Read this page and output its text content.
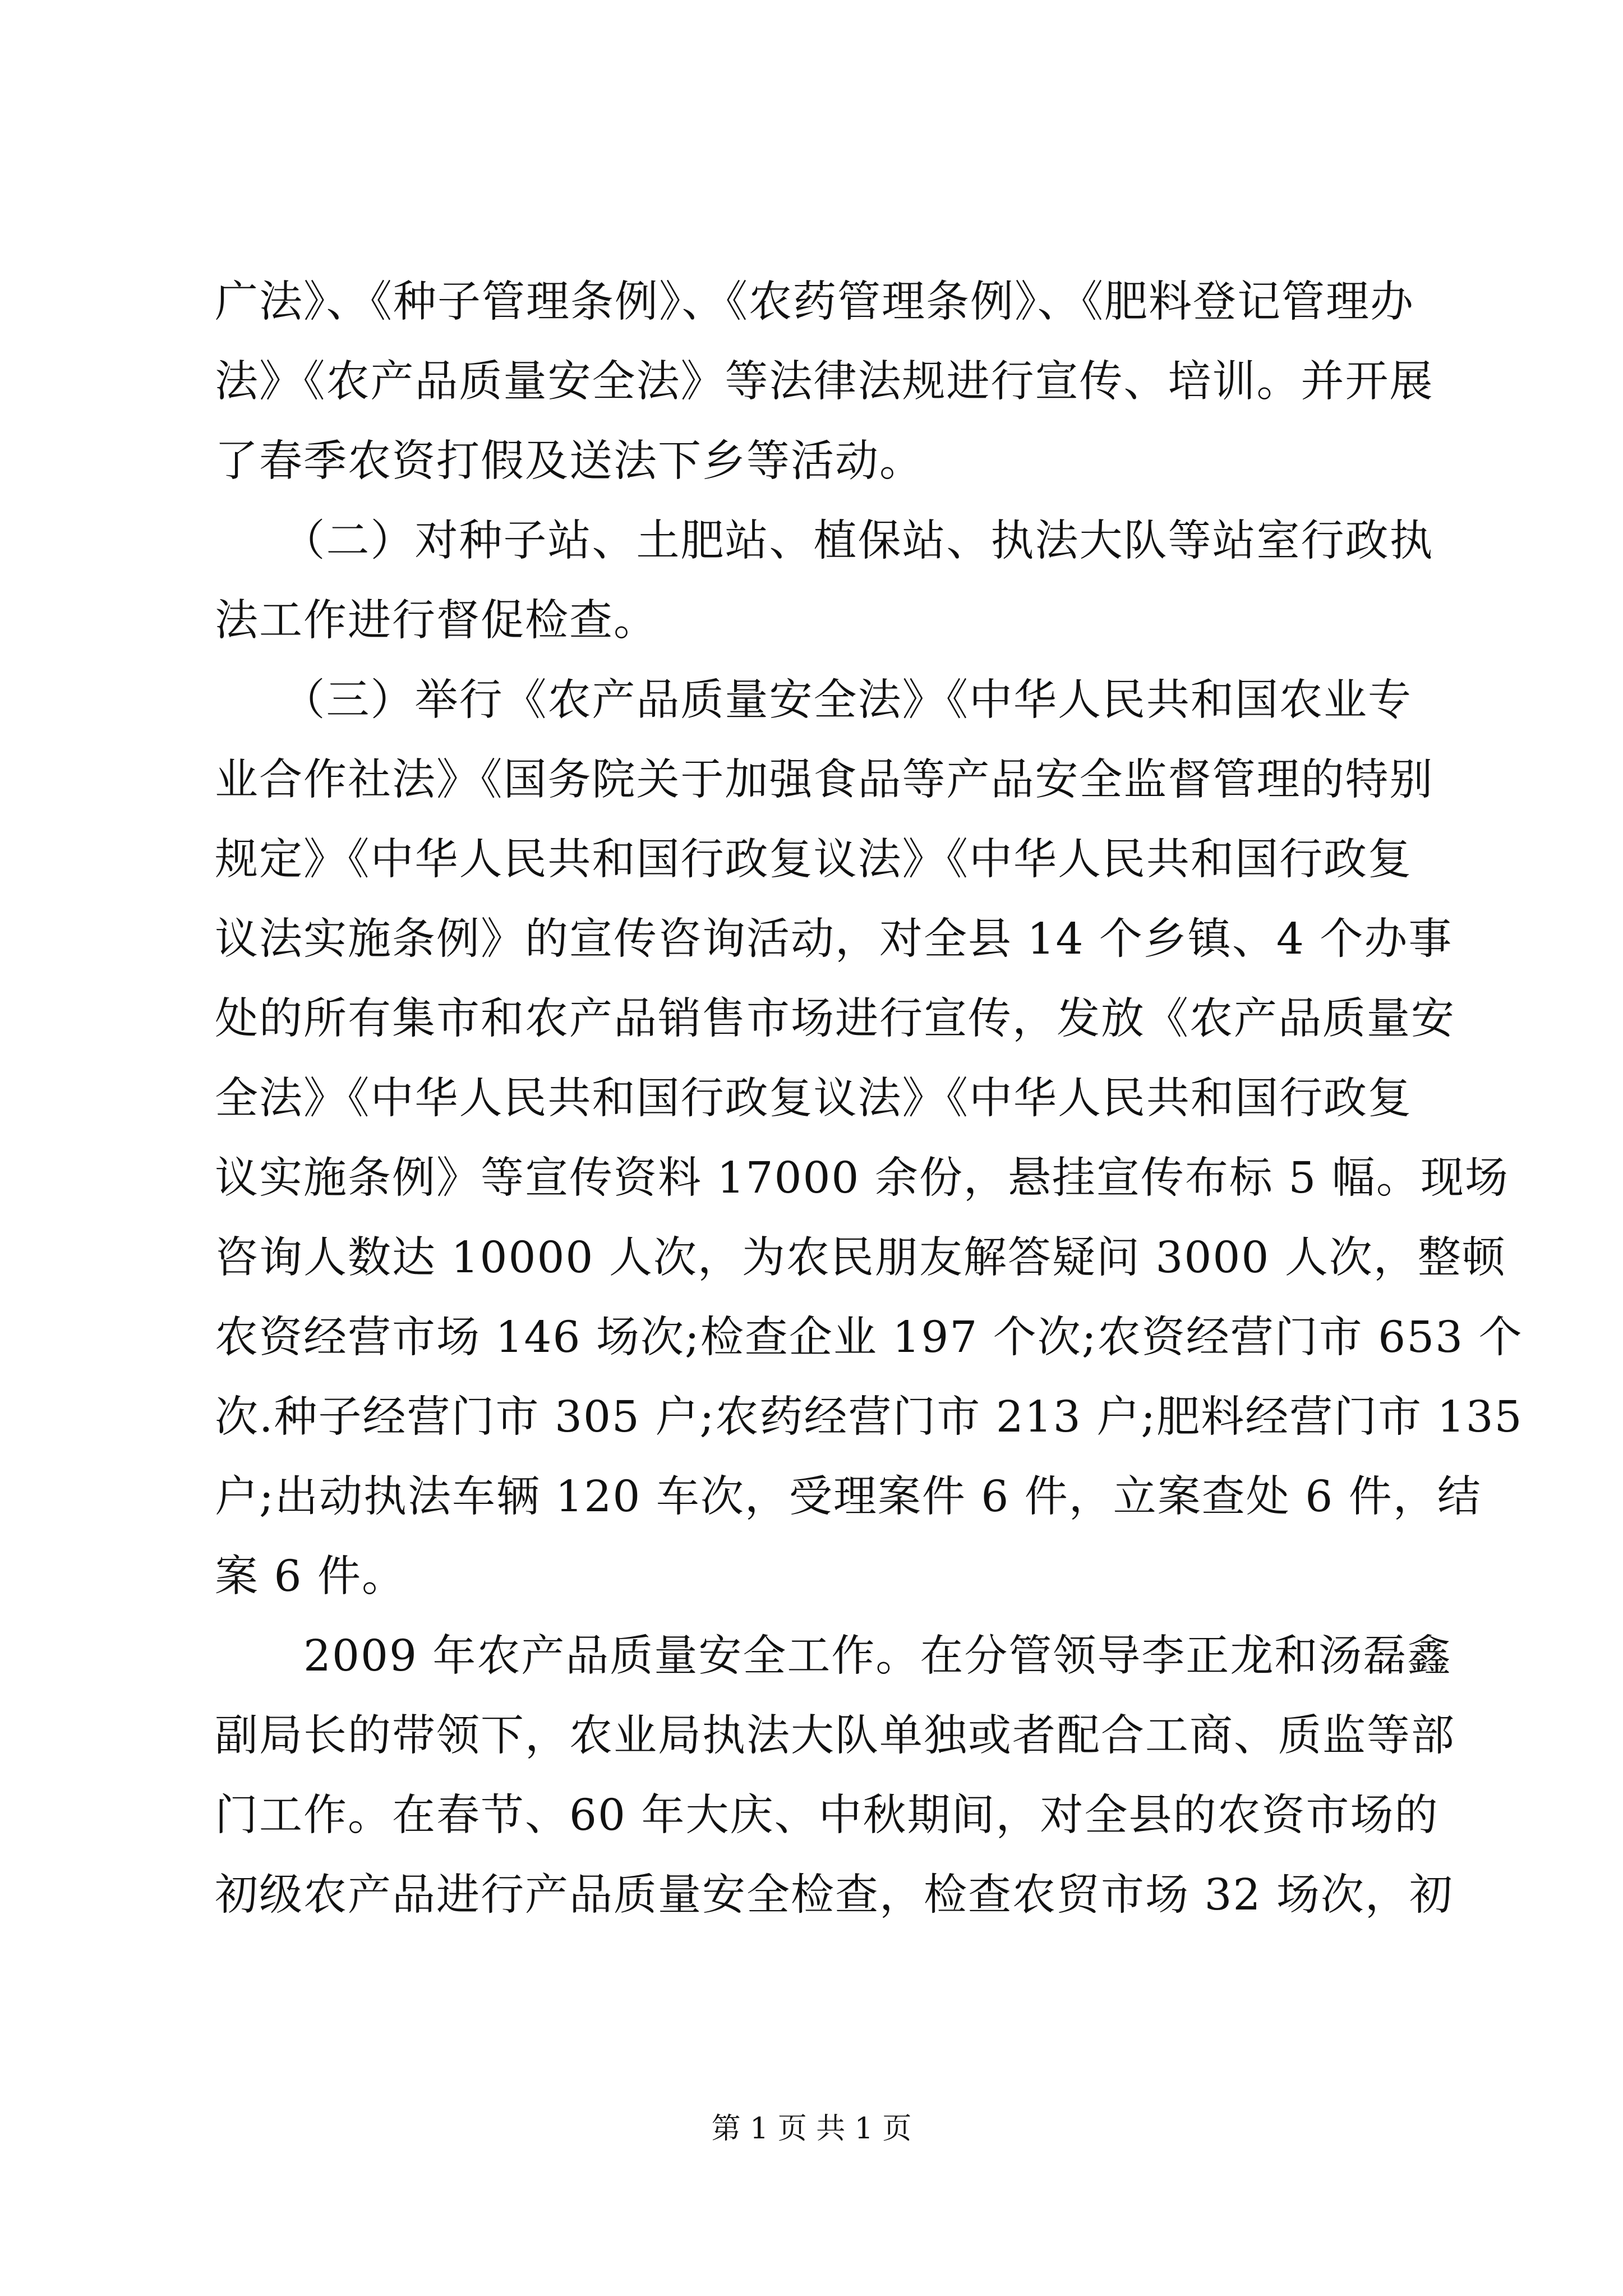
广法》、《种子管理条例》、《农药管理条例》、《肥料登记管理办
法》《农产品质量安全法》等法律法规进行宣传、培训。并开展
了春季农资打假及送法下乡等活动。
　　（二）对种子站、土肥站、植保站、执法大队等站室行政执
法工作进行督促检查。
　　（三）举行《农产品质量安全法》《中华人民共和国农业专
业合作社法》《国务院关于加强食品等产品安全监督管理的特别
规定》《中华人民共和国行政复议法》《中华人民共和国行政复
议法实施条例》的宣传咨询活动，对全县 14 个乡镇、4 个办事
处的所有集市和农产品销售市场进行宣传，发放《农产品质量安
全法》《中华人民共和国行政复议法》《中华人民共和国行政复
议实施条例》等宣传资料 17000 余份，悬挂宣传布标 5 幅。现场
咨询人数达 10000 人次，为农民朋友解答疑问 3000 人次，整顿
农资经营市场 146 场次;检查企业 197 个次;农资经营门市 653 个
次.种子经营门市 305 户;农药经营门市 213 户;肥料经营门市 135
户;出动执法车辆 120 车次，受理案件 6 件，立案查处 6 件，结
案 6 件。
　　2009 年农产品质量安全工作。在分管领导李正龙和汤磊鑫
副局长的带领下，农业局执法大队单独或者配合工商、质监等部
门工作。在春节、60 年大庆、中秋期间，对全县的农资市场的
初级农产品进行产品质量安全检查，检查农贸市场 32 场次，初
第 1 页 共 1 页
